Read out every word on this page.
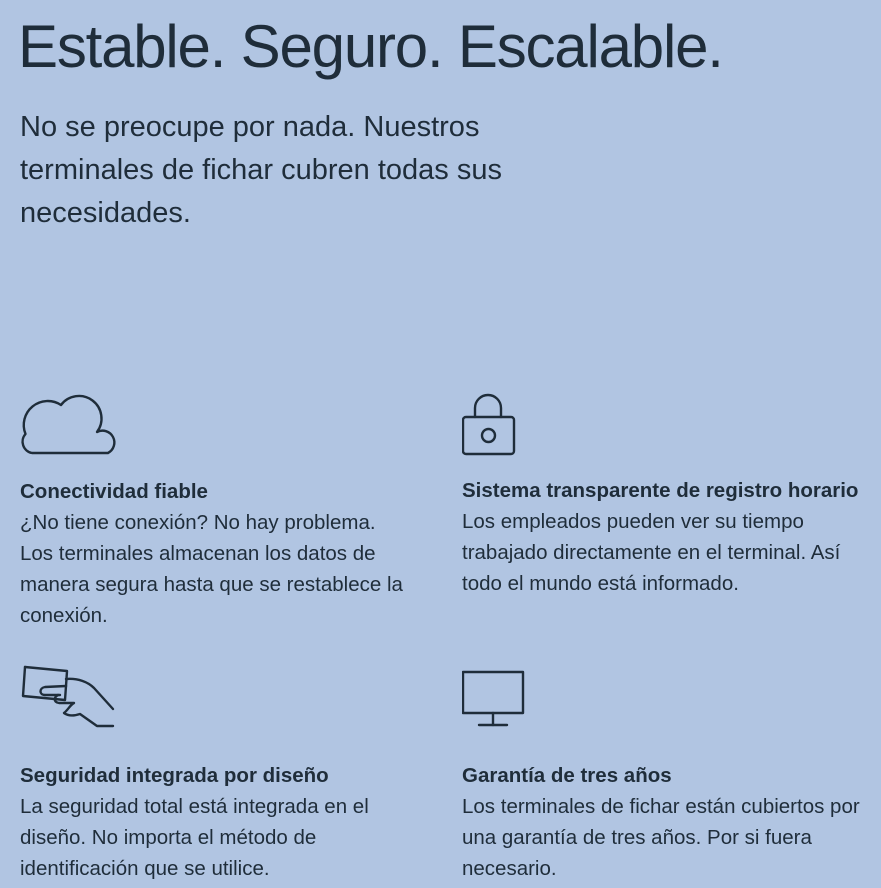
Estable. Seguro. Escalable.

No se preocupe por nada. Nuestros terminales de fichar cubren todas sus necesidades.

Conectividad fiable
¿No tiene conexión? No hay problema. Los terminales almacenan los datos de manera segura hasta que se restablece la conexión.
Sistema transparente de registro horario
Los empleados pueden ver su tiempo trabajado directamente en el terminal. Así todo el mundo está informado.
Seguridad integrada por diseño
La seguridad total está integrada en el diseño. No importa el método de identificación que se utilice.
Garantía de tres años
Los terminales de fichar están cubiertos por una garantía de tres años. Por si fuera necesario.
